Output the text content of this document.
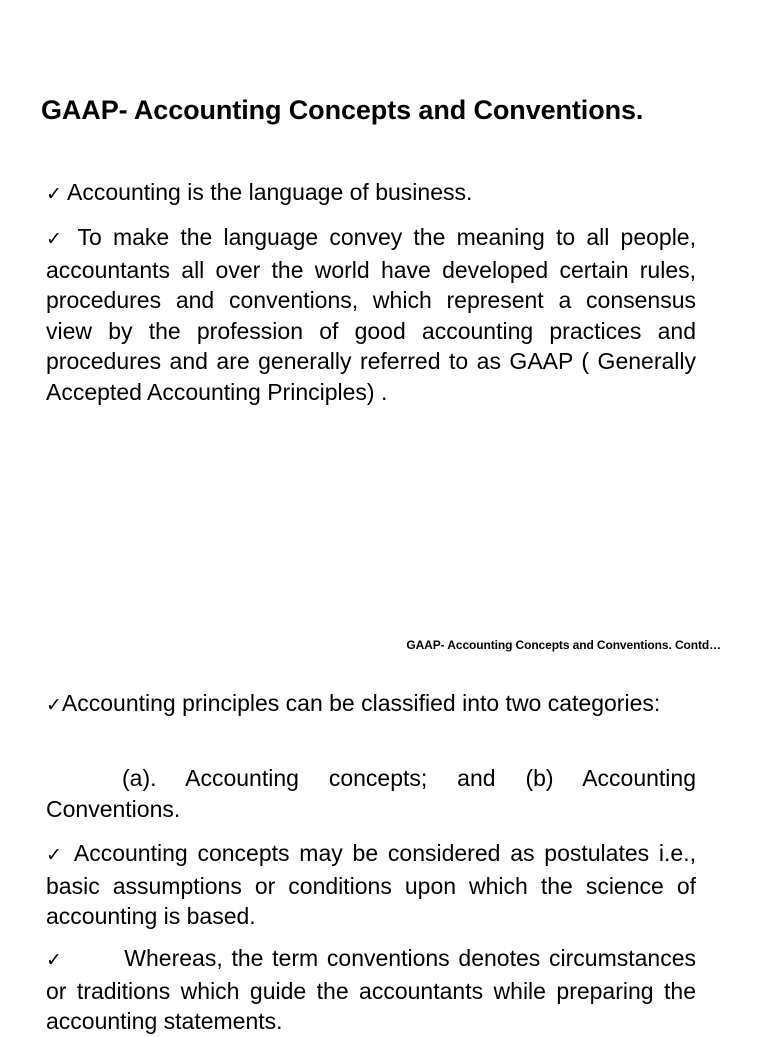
GAAP- Accounting Concepts and Conventions.

✓ Accounting is the language of business.

✓ To make the language convey the meaning to all people, accountants all over the world have developed certain rules, procedures and conventions, which represent a consensus view by the profession of good accounting practices and procedures and are generally referred to as GAAP ( Generally Accepted Accounting Principles) .

GAAP- Accounting Concepts and Conventions. Contd…

✓Accounting principles can be classified into two categories:

(a). Accounting concepts; and (b) Accounting Conventions.

✓ Accounting concepts may be considered as postulates i.e., basic assumptions or conditions upon which the science of accounting is based.

✓	Whereas, the term conventions denotes circumstances or traditions which guide the accountants while preparing the accounting statements.
